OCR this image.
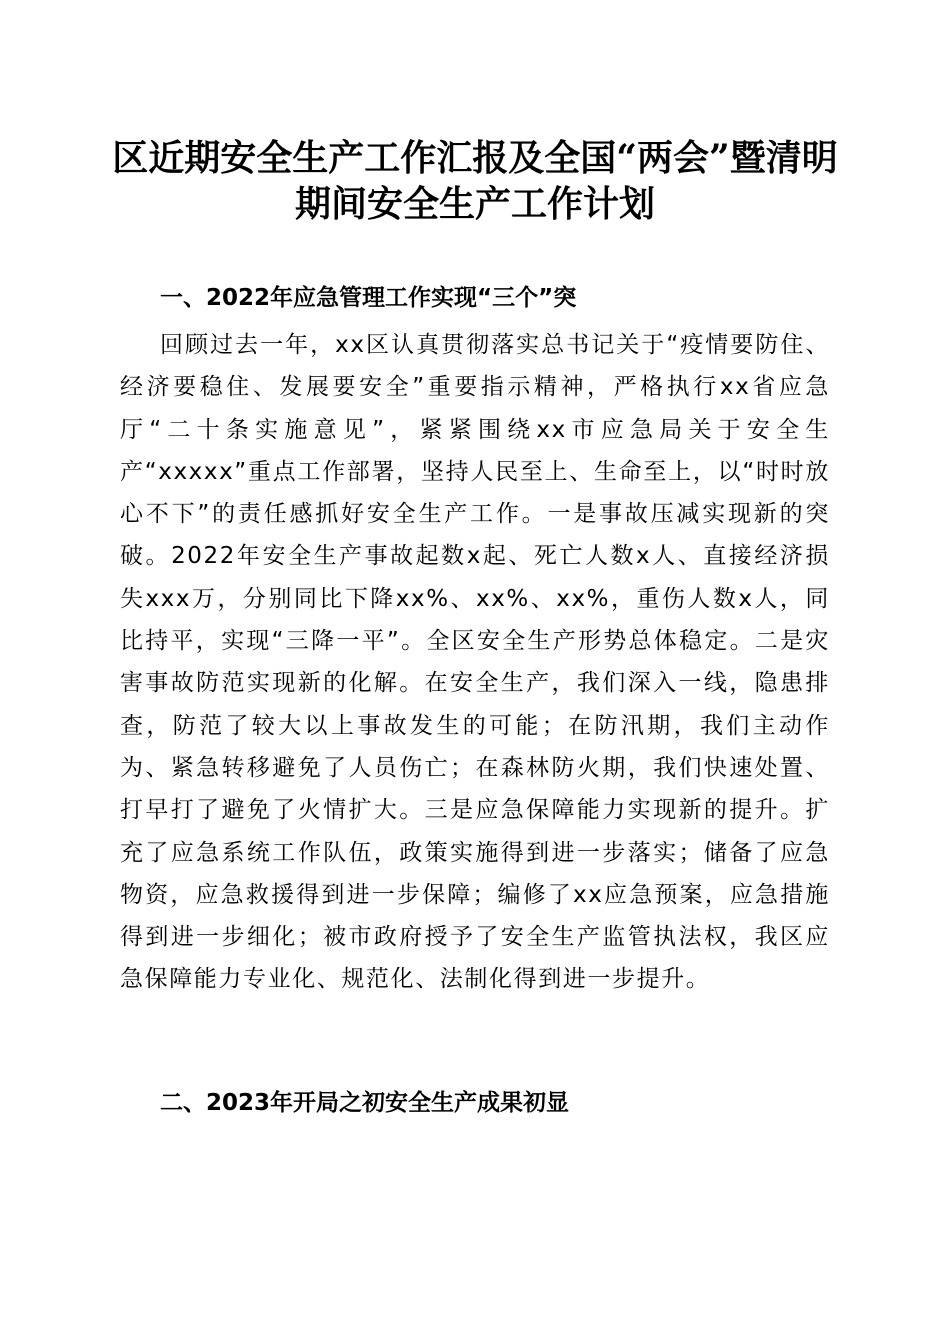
区近期安全生产工作汇报及全国“两会”暨清明期间安全生产工作计划
一、2022年应急管理工作实现“三个”突

回顾过去一年，xx区认真贯彻落实总书记关于“疫情要防住、经济要稳住、发展要安全”重要指示精神，严格执行xx省应急厅“二十条实施意见”，紧紧围绕xx市应急局关于安全生产“xxxxx”重点工作部署，坚持人民至上、生命至上，以“时时放心不下”的责任感抓好安全生产工作。一是事故压减实现新的突破。2022年安全生产事故起数x起、死亡人数x人、直接经济损失xxx万，分别同比下降xx%、xx%、xx%，重伤人数x人，同比持平，实现“三降一平”。全区安全生产形势总体稳定。二是灾害事故防范实现新的化解。在安全生产，我们深入一线，隐患排查，防范了较大以上事故发生的可能；在防汛期，我们主动作为、紧急转移避免了人员伤亡；在森林防火期，我们快速处置、打早打了避免了火情扩大。三是应急保障能力实现新的提升。扩充了应急系统工作队伍，政策实施得到进一步落实；储备了应急物资，应急救援得到进一步保障；编修了xx应急预案，应急措施得到进一步细化；被市政府授予了安全生产监管执法权，我区应急保障能力专业化、规范化、法制化得到进一步提升。

二、2023年开局之初安全生产成果初显
